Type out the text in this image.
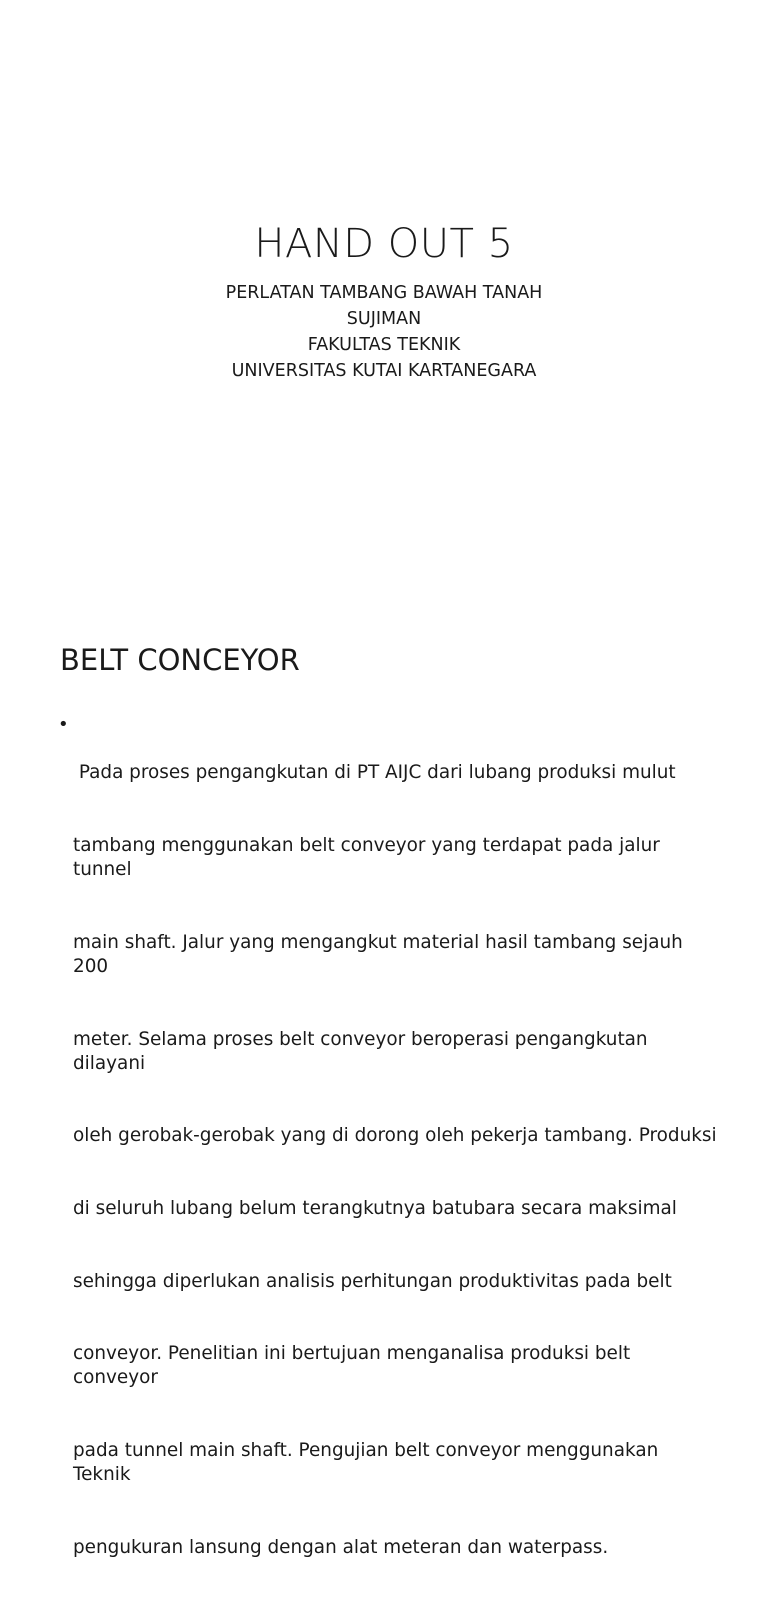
HAND OUT 5
PERLATAN TAMBANG BAWAH TANAH
SUJIMAN
FAKULTAS TEKNIK
UNIVERSITAS KUTAI KARTANEGARA
BELT CONCEYOR
•

Pada proses pengangkutan di PT AIJC dari lubang produksi mulut

tambang menggunakan belt conveyor yang terdapat pada jalur tunnel

main shaft. Jalur yang mengangkut material hasil tambang sejauh 200

meter. Selama proses belt conveyor beroperasi pengangkutan dilayani

oleh gerobak-gerobak yang di dorong oleh pekerja tambang. Produksi

di seluruh lubang belum terangkutnya batubara secara maksimal

sehingga diperlukan analisis perhitungan produktivitas pada belt

conveyor. Penelitian ini bertujuan menganalisa produksi belt conveyor

pada tunnel main shaft. Pengujian belt conveyor menggunakan Teknik

pengukuran lansung dengan alat meteran dan waterpass.
